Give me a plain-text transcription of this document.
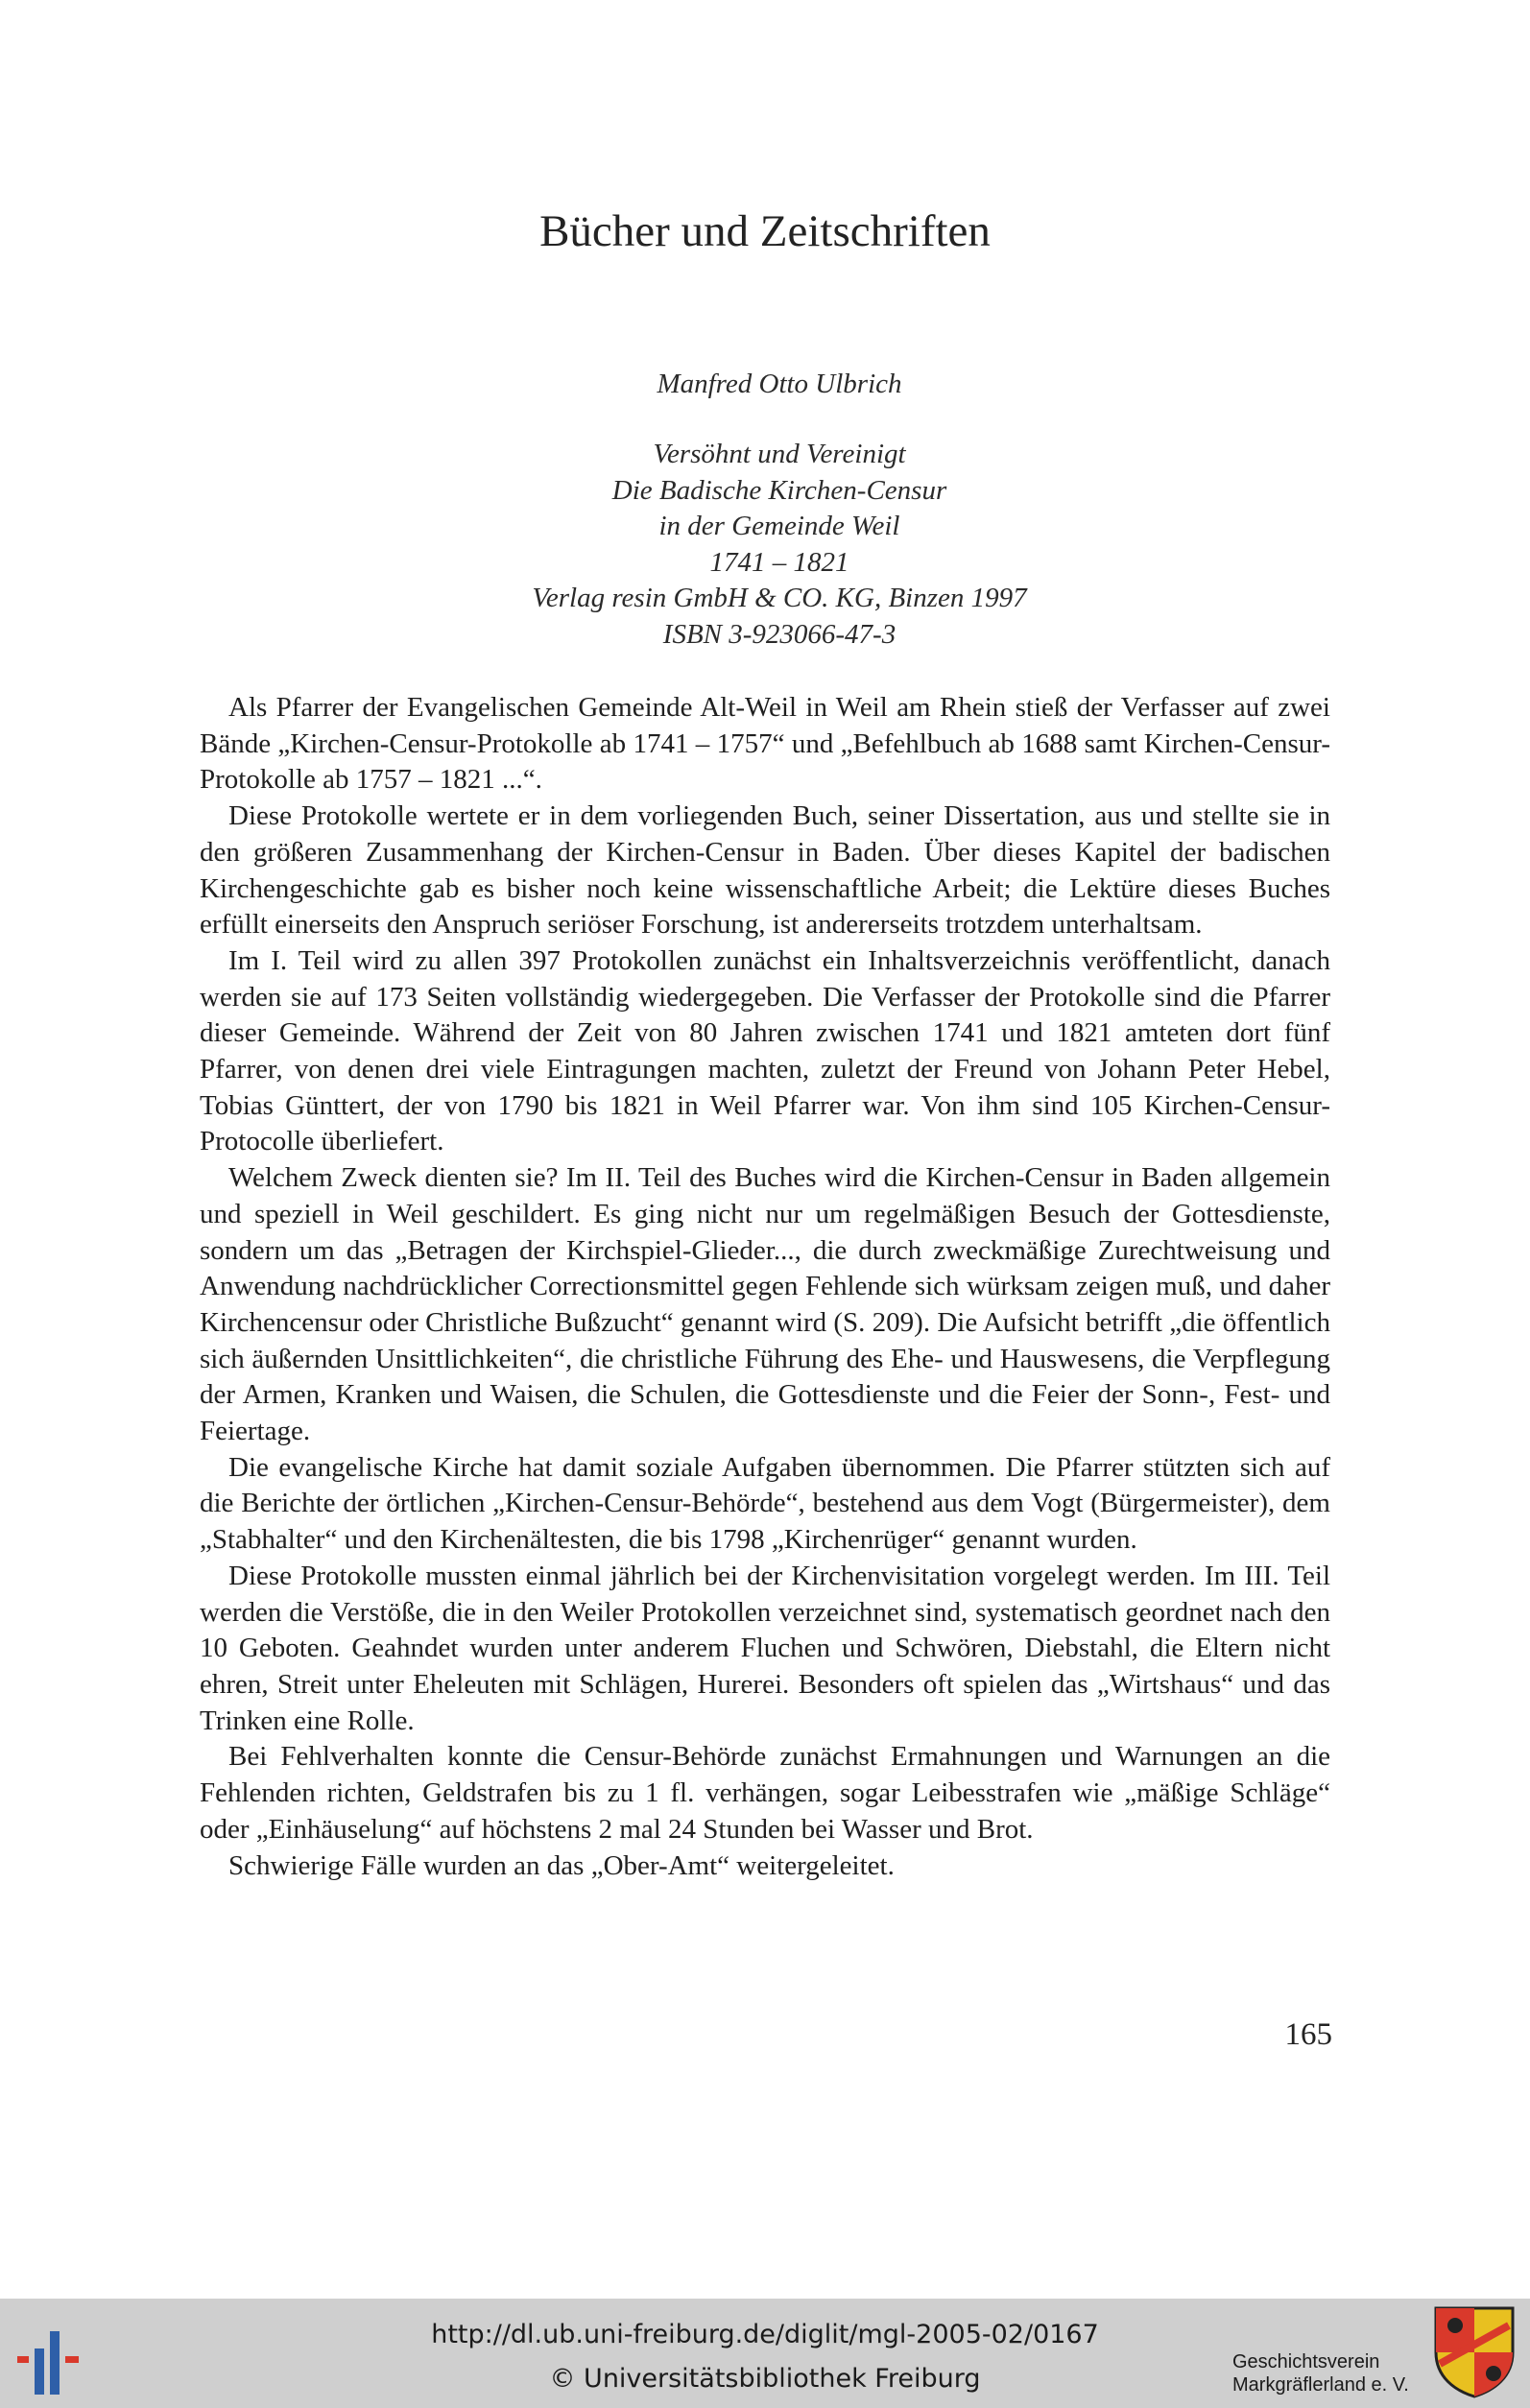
Bücher und Zeitschriften
Manfred Otto Ulbrich
Versöhnt und Vereinigt
Die Badische Kirchen-Censur
in der Gemeinde Weil
1741 – 1821
Verlag resin GmbH & CO. KG, Binzen 1997
ISBN 3-923066-47-3

Als Pfarrer der Evangelischen Gemeinde Alt-Weil in Weil am Rhein stieß der Verfasser auf zwei Bände „Kirchen-Censur-Protokolle ab 1741 – 1757“ und „Befehlbuch ab 1688 samt Kirchen-Censur-Protokolle ab 1757 – 1821 ...“.

Diese Protokolle wertete er in dem vorliegenden Buch, seiner Dissertation, aus und stellte sie in den größeren Zusammenhang der Kirchen-Censur in Baden. Über dieses Kapitel der badischen Kirchengeschichte gab es bisher noch keine wissenschaftliche Arbeit; die Lektüre dieses Buches erfüllt einerseits den Anspruch seriöser Forschung, ist andererseits trotzdem unterhaltsam.

Im I. Teil wird zu allen 397 Protokollen zunächst ein Inhaltsverzeichnis veröffentlicht, danach werden sie auf 173 Seiten vollständig wiedergegeben. Die Verfasser der Protokolle sind die Pfarrer dieser Gemeinde. Während der Zeit von 80 Jahren zwischen 1741 und 1821 amteten dort fünf Pfarrer, von denen drei viele Eintragungen machten, zuletzt der Freund von Johann Peter Hebel, Tobias Günttert, der von 1790 bis 1821 in Weil Pfarrer war. Von ihm sind 105 Kirchen-Censur-Protocolle überliefert.

Welchem Zweck dienten sie? Im II. Teil des Buches wird die Kirchen-Censur in Baden allgemein und speziell in Weil geschildert. Es ging nicht nur um regelmäßigen Besuch der Gottesdienste, sondern um das „Betragen der Kirchspiel-Glieder..., die durch zweckmäßige Zurechtweisung und Anwendung nachdrücklicher Correctionsmittel gegen Fehlende sich würksam zeigen muß, und daher Kirchencensur oder Christliche Bußzucht“ genannt wird (S. 209). Die Aufsicht betrifft „die öffentlich sich äußernden Unsittlichkeiten“, die christliche Führung des Ehe- und Hauswesens, die Verpflegung der Armen, Kranken und Waisen, die Schulen, die Gottesdienste und die Feier der Sonn-, Fest- und Feiertage.

Die evangelische Kirche hat damit soziale Aufgaben übernommen. Die Pfarrer stützten sich auf die Berichte der örtlichen „Kirchen-Censur-Behörde“, bestehend aus dem Vogt (Bürgermeister), dem „Stabhalter“ und den Kirchenältesten, die bis 1798 „Kirchenrüger“ genannt wurden.

Diese Protokolle mussten einmal jährlich bei der Kirchenvisitation vorgelegt werden. Im III. Teil werden die Verstöße, die in den Weiler Protokollen verzeichnet sind, systematisch geordnet nach den 10 Geboten. Geahndet wurden unter anderem Fluchen und Schwören, Diebstahl, die Eltern nicht ehren, Streit unter Eheleuten mit Schlägen, Hurerei. Besonders oft spielen das „Wirtshaus“ und das Trinken eine Rolle.

Bei Fehlverhalten konnte die Censur-Behörde zunächst Ermahnungen und Warnungen an die Fehlenden richten, Geldstrafen bis zu 1 fl. verhängen, sogar Leibesstrafen wie „mäßige Schläge“ oder „Einhäuselung“ auf höchstens 2 mal 24 Stunden bei Wasser und Brot.

Schwierige Fälle wurden an das „Ober-Amt“ weitergeleitet.

165
http://dl.ub.uni-freiburg.de/diglit/mgl-2005-02/0167
© Universitätsbibliothek Freiburg
Geschichtsverein
Markgräflerland e. V.
